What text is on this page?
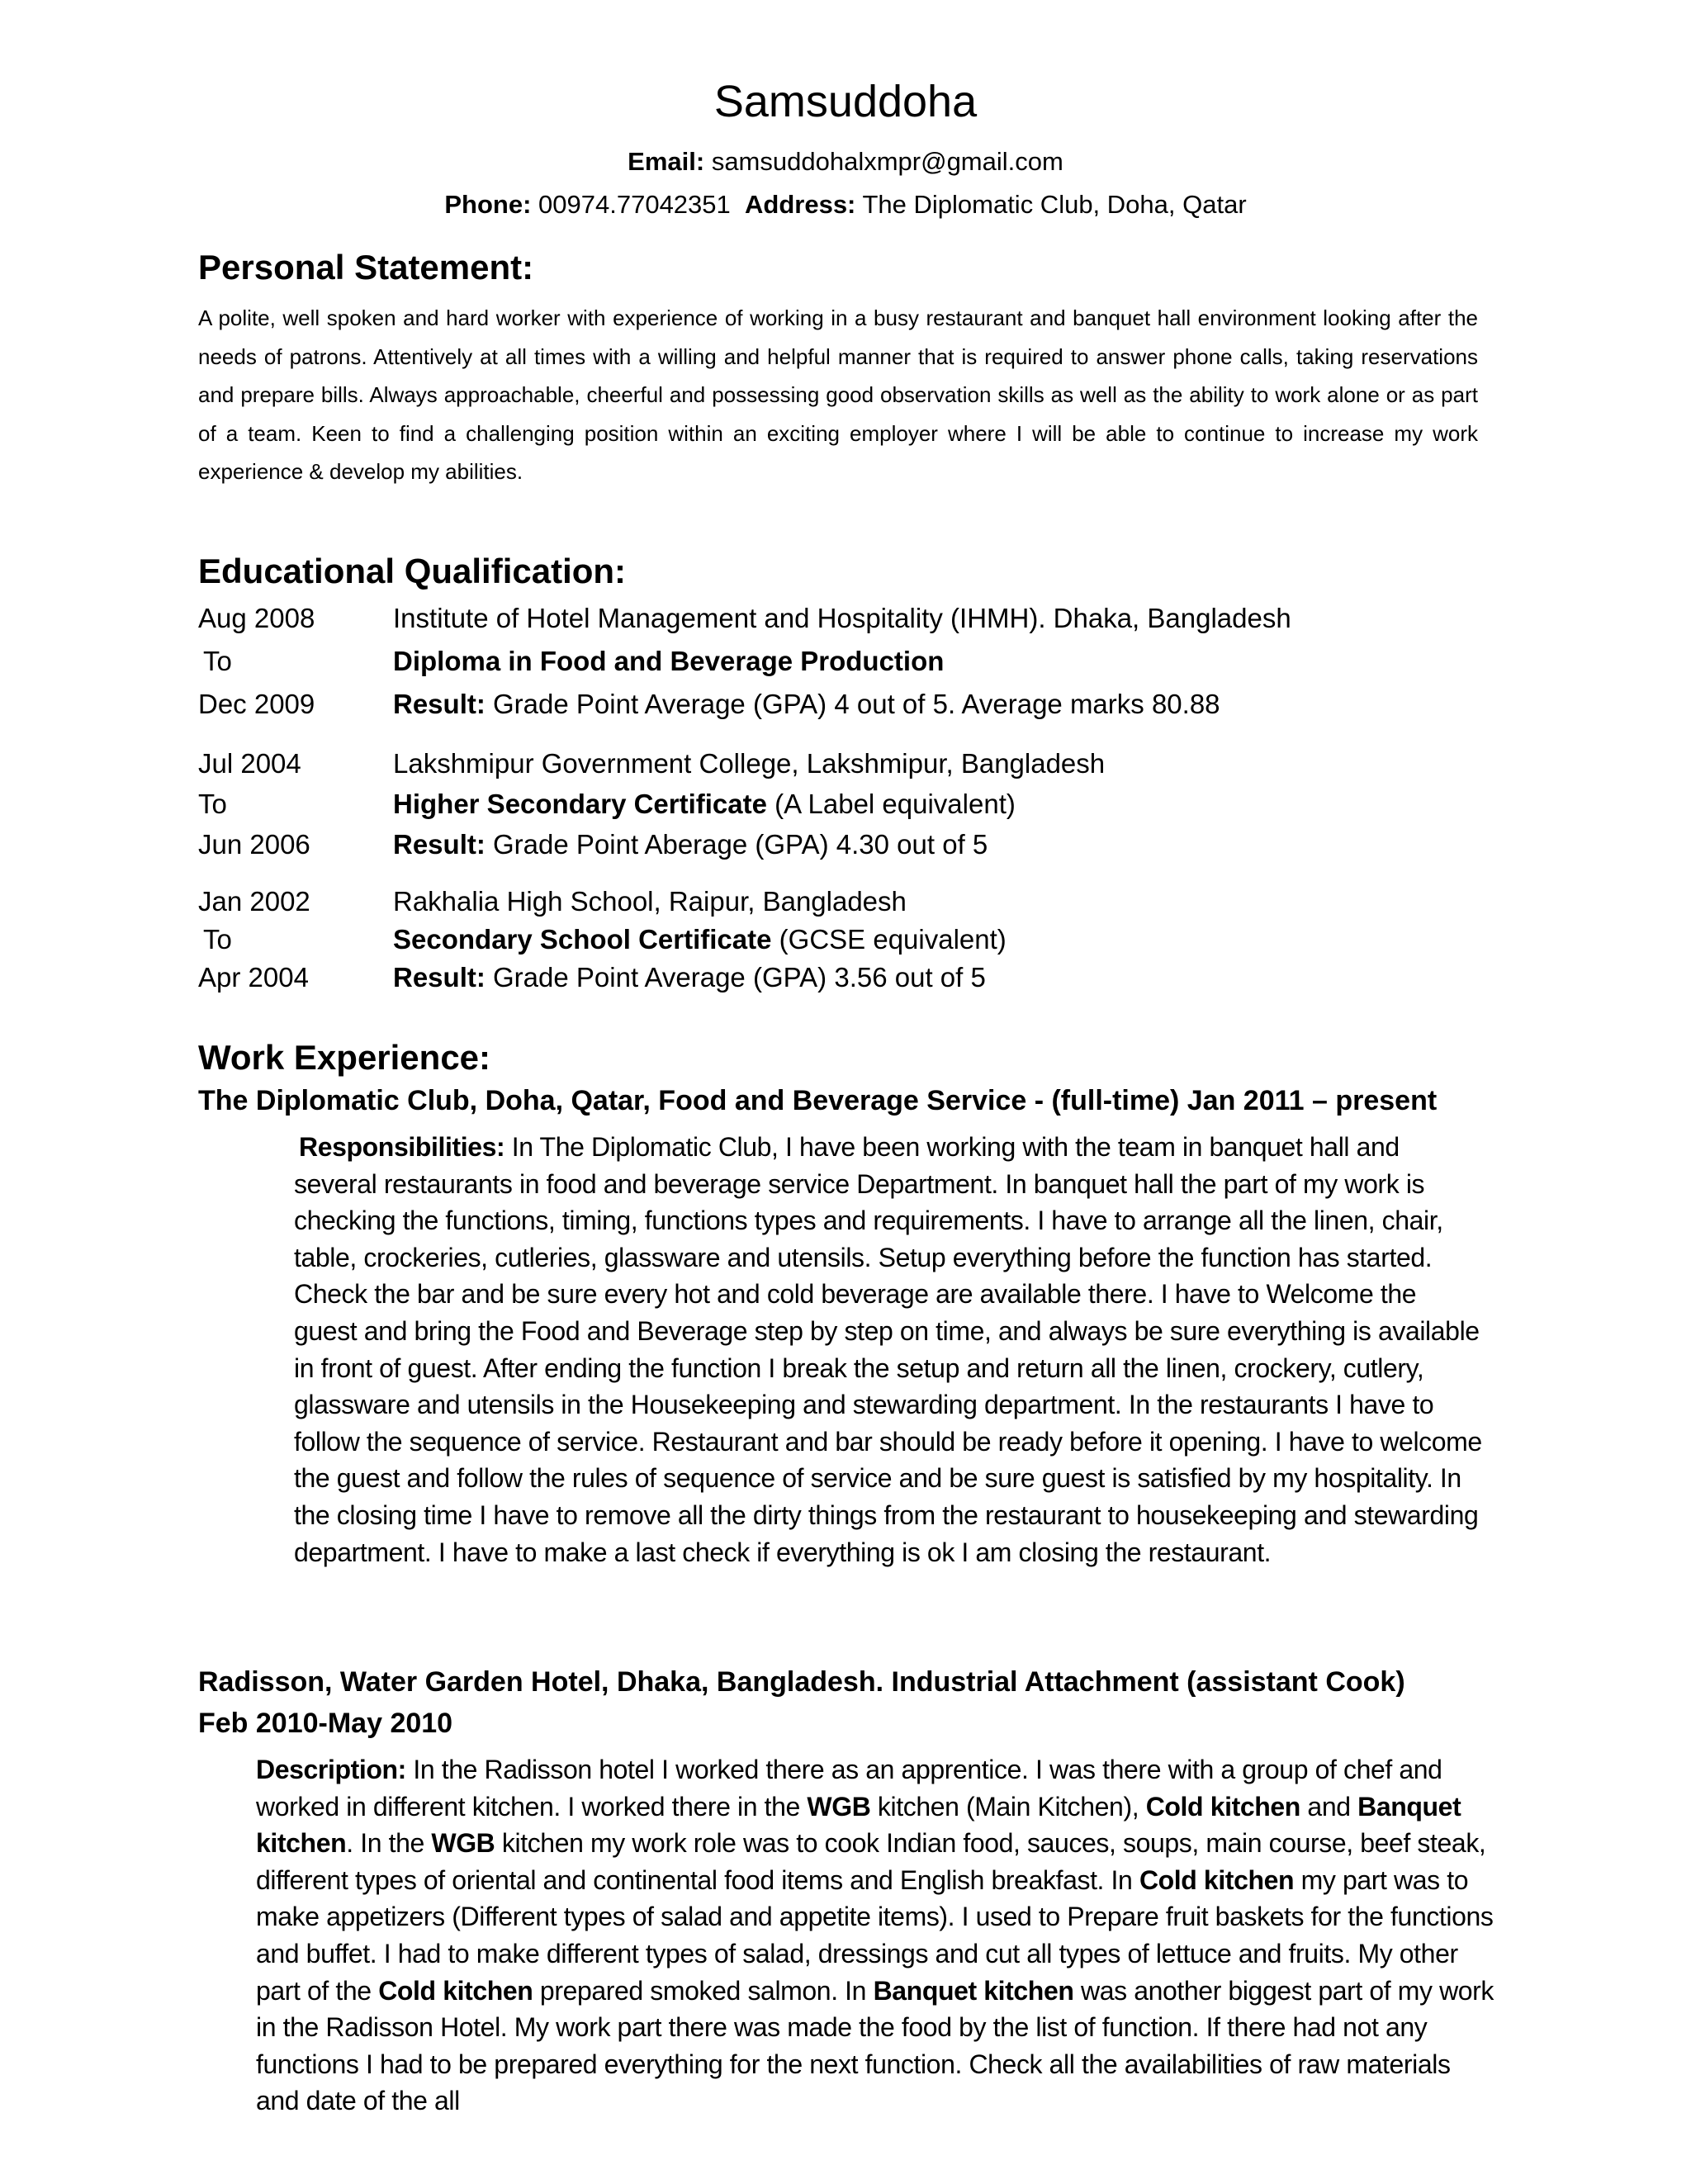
Samsuddoha
Email: samsuddohalxmpr@gmail.com
Phone: 00974.77042351 Address: The Diplomatic Club, Doha, Qatar
Personal Statement:
A polite, well spoken and hard worker with experience of working in a busy restaurant and banquet hall environment looking after the needs of patrons. Attentively at all times with a willing and helpful manner that is required to answer phone calls, taking reservations and prepare bills. Always approachable, cheerful and possessing good observation skills as well as the ability to work alone or as part of a team. Keen to find a challenging position within an exciting employer where I will be able to continue to increase my work experience & develop my abilities.
Educational Qualification:
Aug 2008	Institute of Hotel Management and Hospitality (IHMH). Dhaka, Bangladesh
To	Diploma in Food and Beverage Production
Dec 2009	Result: Grade Point Average (GPA) 4 out of 5. Average marks 80.88
Jul 2004	Lakshmipur Government College, Lakshmipur, Bangladesh
To	Higher Secondary Certificate (A Label equivalent)
Jun 2006	Result: Grade Point Aberage (GPA) 4.30 out of 5
Jan 2002	Rakhalia High School, Raipur, Bangladesh
To	Secondary School Certificate (GCSE equivalent)
Apr 2004	Result: Grade Point Average (GPA) 3.56 out of 5
Work Experience:
The Diplomatic Club, Doha, Qatar, Food and Beverage Service - (full-time) Jan 2011 – present
Responsibilities: In The Diplomatic Club, I have been working with the team in banquet hall and several restaurants in food and beverage service Department. In banquet hall the part of my work is checking the functions, timing, functions types and requirements. I have to arrange all the linen, chair, table, crockeries, cutleries, glassware and utensils. Setup everything before the function has started. Check the bar and be sure every hot and cold beverage are available there. I have to Welcome the guest and bring the Food and Beverage step by step on time, and always be sure everything is available in front of guest. After ending the function I break the setup and return all the linen, crockery, cutlery, glassware and utensils in the Housekeeping and stewarding department. In the restaurants I have to follow the sequence of service. Restaurant and bar should be ready before it opening. I have to welcome the guest and follow the rules of sequence of service and be sure guest is satisfied by my hospitality. In the closing time I have to remove all the dirty things from the restaurant to housekeeping and stewarding department. I have to make a last check if everything is ok I am closing the restaurant.
Radisson, Water Garden Hotel, Dhaka, Bangladesh. Industrial Attachment (assistant Cook)
Feb 2010-May 2010
Description: In the Radisson hotel I worked there as an apprentice. I was there with a group of chef and worked in different kitchen. I worked there in the WGB kitchen (Main Kitchen), Cold kitchen and Banquet kitchen. In the WGB kitchen my work role was to cook Indian food, sauces, soups, main course, beef steak, different types of oriental and continental food items and English breakfast. In Cold kitchen my part was to make appetizers (Different types of salad and appetite items). I used to Prepare fruit baskets for the functions and buffet. I had to make different types of salad, dressings and cut all types of lettuce and fruits. My other part of the Cold kitchen prepared smoked salmon. In Banquet kitchen was another biggest part of my work in the Radisson Hotel. My work part there was made the food by the list of function. If there had not any functions I had to be prepared everything for the next function. Check all the availabilities of raw materials and date of the all
